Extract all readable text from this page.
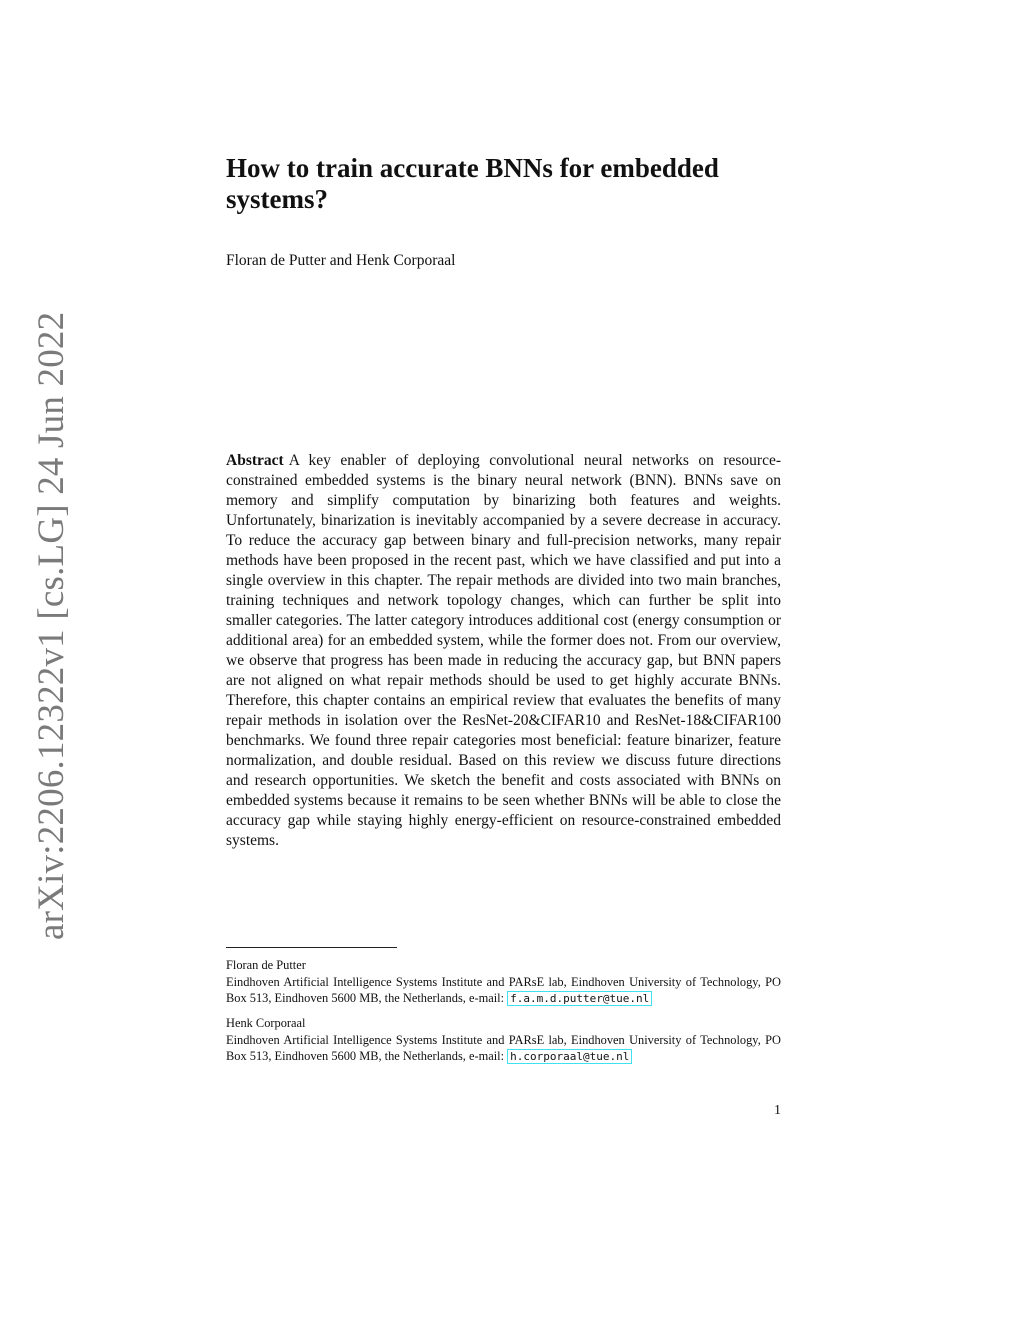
arXiv:2206.12322v1 [cs.LG] 24 Jun 2022
How to train accurate BNNs for embedded systems?
Floran de Putter and Henk Corporaal

Abstract A key enabler of deploying convolutional neural networks on resource-constrained embedded systems is the binary neural network (BNN). BNNs save on memory and simplify computation by binarizing both features and weights. Unfortunately, binarization is inevitably accompanied by a severe decrease in accuracy. To reduce the accuracy gap between binary and full-precision networks, many repair methods have been proposed in the recent past, which we have classified and put into a single overview in this chapter. The repair methods are divided into two main branches, training techniques and network topology changes, which can further be split into smaller categories. The latter category introduces additional cost (energy consumption or additional area) for an embedded system, while the former does not. From our overview, we observe that progress has been made in reducing the accuracy gap, but BNN papers are not aligned on what repair methods should be used to get highly accurate BNNs. Therefore, this chapter contains an empirical review that evaluates the benefits of many repair methods in isolation over the ResNet-20&CIFAR10 and ResNet-18&CIFAR100 benchmarks. We found three repair categories most beneficial: feature binarizer, feature normalization, and double residual. Based on this review we discuss future directions and research opportunities. We sketch the benefit and costs associated with BNNs on embedded systems because it remains to be seen whether BNNs will be able to close the accuracy gap while staying highly energy-efficient on resource-constrained embedded systems.

Floran de Putter
Eindhoven Artificial Intelligence Systems Institute and PARsE lab, Eindhoven University of Technology, PO Box 513, Eindhoven 5600 MB, the Netherlands, e-mail: f.a.m.d.putter@tue.nl
Henk Corporaal
Eindhoven Artificial Intelligence Systems Institute and PARsE lab, Eindhoven University of Technology, PO Box 513, Eindhoven 5600 MB, the Netherlands, e-mail: h.corporaal@tue.nl
1
